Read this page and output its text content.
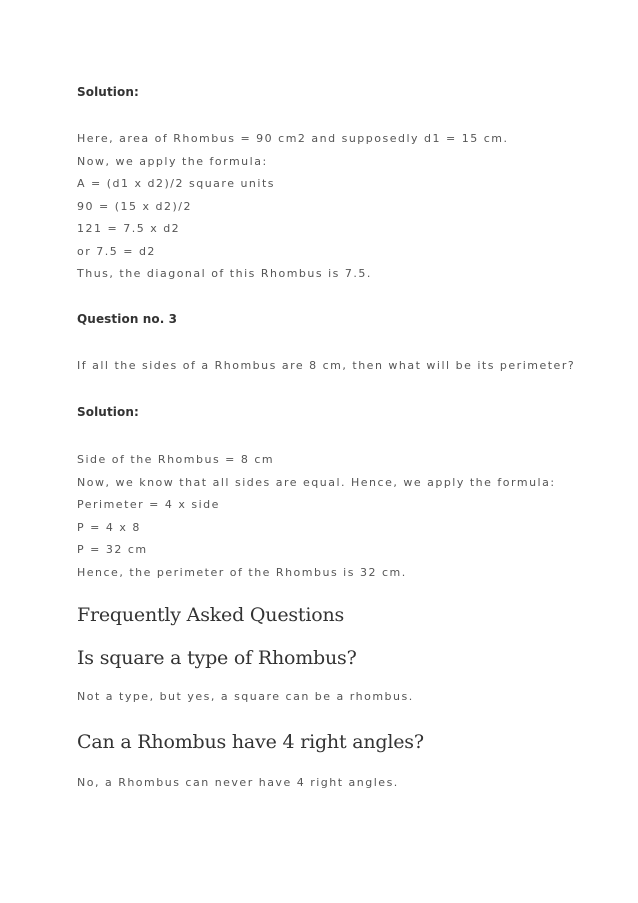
Solution:
Here, area of Rhombus = 90 cm2 and supposedly d1 = 15 cm.
Now, we apply the formula:
A = (d1 x d2)/2 square units
90 = (15 x d2)/2
121 = 7.5 x d2
or 7.5 = d2
Thus, the diagonal of this Rhombus is 7.5.
Question no. 3
If all the sides of a Rhombus are 8 cm, then what will be its perimeter?
Solution:
Side of the Rhombus = 8 cm
Now, we know that all sides are equal. Hence, we apply the formula:
Perimeter = 4 x side
P = 4 x 8
P = 32 cm
Hence, the perimeter of the Rhombus is 32 cm.
Frequently Asked Questions
Is square a type of Rhombus?
Not a type, but yes, a square can be a rhombus.
Can a Rhombus have 4 right angles?
No, a Rhombus can never have 4 right angles.
